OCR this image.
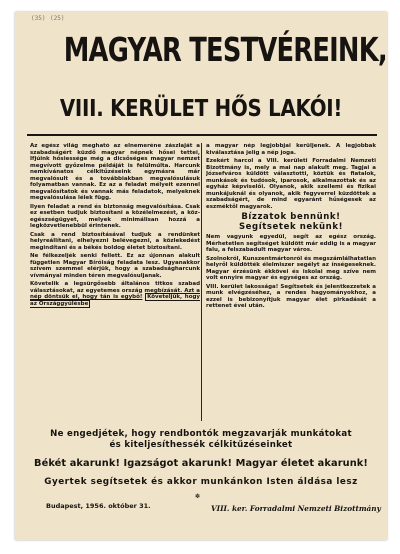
(35) (25)
MAGYAR TESTVÉREINK,
VIII. KERÜLET HŐS LAKÓI!

Az egész világ megható az elnemeréne zászlaját a szabadságért küzdő magyar népnek hősei tettei, Ifjúink hősiessége még a dicsőséges magyar nemzet megvívott győzelme példáját is felülmúlta. Harcunk nemkívánatos célkitűzéseink egymásra már megvalósult és a továbbiakban megvalósulásuk folyamatban vannak. Ez az a feladat mélyeit ezennel megvalósítatok és vannak más feladatok, melyeknek megvalósulása lélek függ.

Ilyen feladat a rend és biztonság megvalósítása. Csak ez esetben tudjuk biztosítani a közélelmezést, a közegészségügyet, melyek minimálisan hozzá a legközvetlenebbül érintenek.

Csak a rend biztosításával tudjuk a rendünket helyreállítani, elhelyezni belévegezni, a közlekedést megindítani és a békés boldog életet biztosítani.

Ne félkezeljék senki fellett. Ez az újonnan alakult független Magyar Bíróiság feladata lesz. Ugyanakkor szívem szemmel elérjük, hogy a szabadságharcunk vívmányai minden téren megvalósuljanak.

Követelik a legsürgősebb általános titkos szabad választásokat, az egyetemes ország megbízását. Azt a nép döntsük el, hogy tán is egybő! Követeljük, hogy az Országgyűlésbe

a magyar nép legjobbjai kerüljenek. A legjobbak kiválasztása jelig a nép joga.

Ezekért harcol a VIII. kerületi Forradalmi Nemzeti Bizottmány is, mely a mai nap alakult meg. Tagjai a Józsefváros küldött választotti, köztük és fiatalok, munkások és tudósok, iparosok, alkalmazottak és az egyház képviselői. Olyanok, akik szellemi és fizikai munkájuknál és olyanok, akik fegyverrel küzdöttek a szabadságért, de mind egyaránt hűségesek az eszméktől magyarok.

Bízzatok bennünk!

Segítsetek nekünk!

Nem vagyunk egyedül, segít az egész ország. Mérhetetlen segítséget küldött már eddig is a magyar falu, a felszabadult magyar város.

Szolnokról, Kunszentmártonról és megszámlálhatatlan helyről küldötték élelmiszer segélyt az ínségeseknek. Magyar érzésünk ékkövei és iskolai meg szíve nem volt ennyire magyar és egységes az ország.

VIII. kerület lakossága! Segítsetek és jelentkezzetek a munk elvégzéséhez, a rendes hagyományokhoz, a ezzel is bebizonyítjuk magyar élet pirkadását a rettenet évei után.

Ne engedjétek, hogy rendbontók megzavarják munkátokat
és kiteljesíthessék célkitűzéseinket
Békét akarunk! Igazságot akarunk! Magyar életet akarunk!
Gyertek segítsetek és akkor munkánkon Isten áldása lesz
✽
Budapest, 1956. október 31.	VIII. ker. Forradalmi Nemzeti Bizottmány
